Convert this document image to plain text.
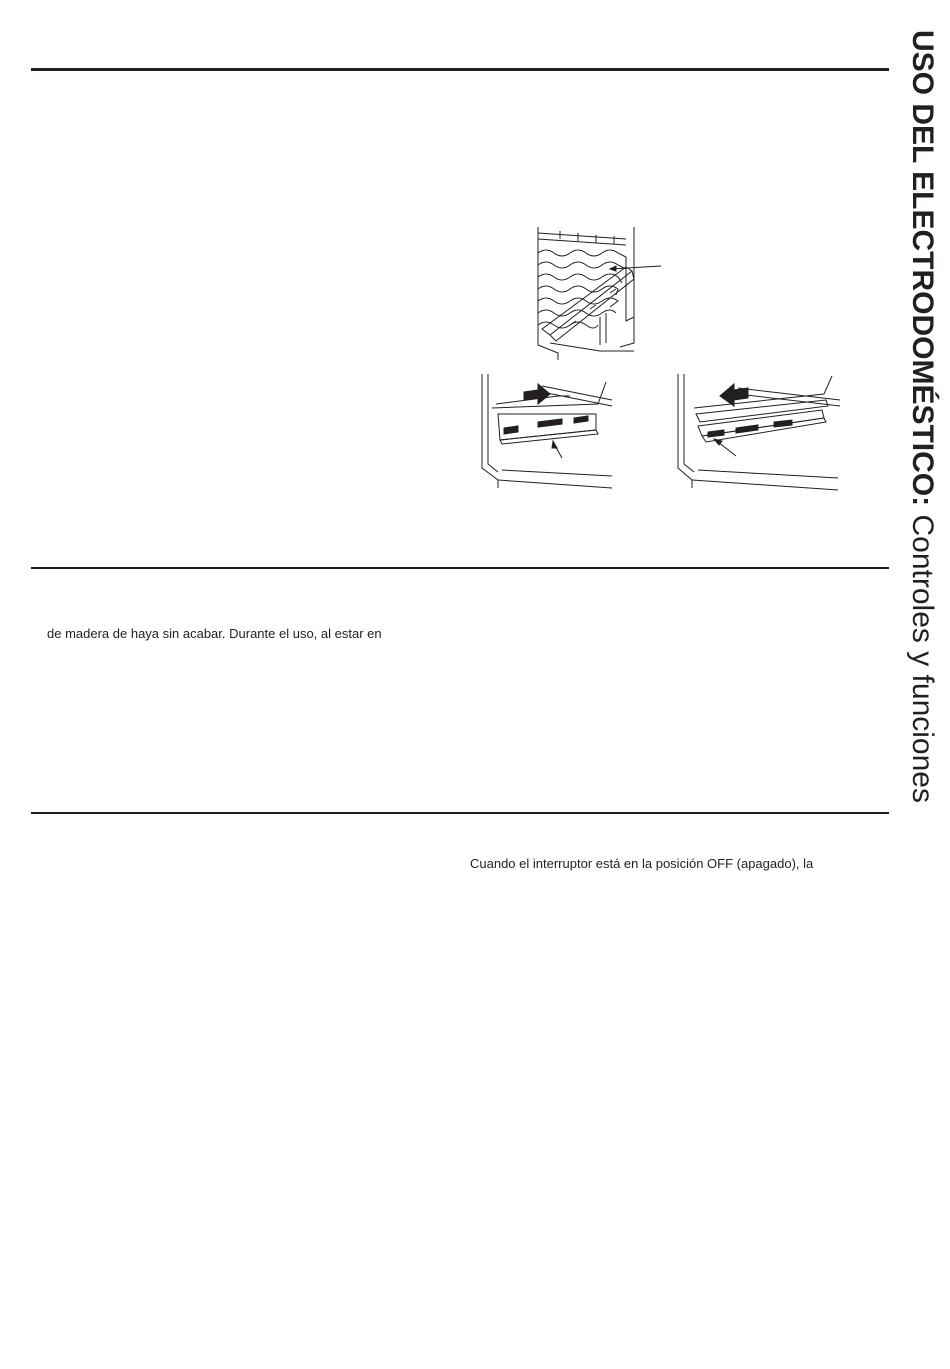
de madera de haya sin acabar. Durante el uso, al estar en
Cuando el interruptor está en la posición OFF (apagado), la
USO DEL ELECTRODOMÉSTICO: Controles y funciones
